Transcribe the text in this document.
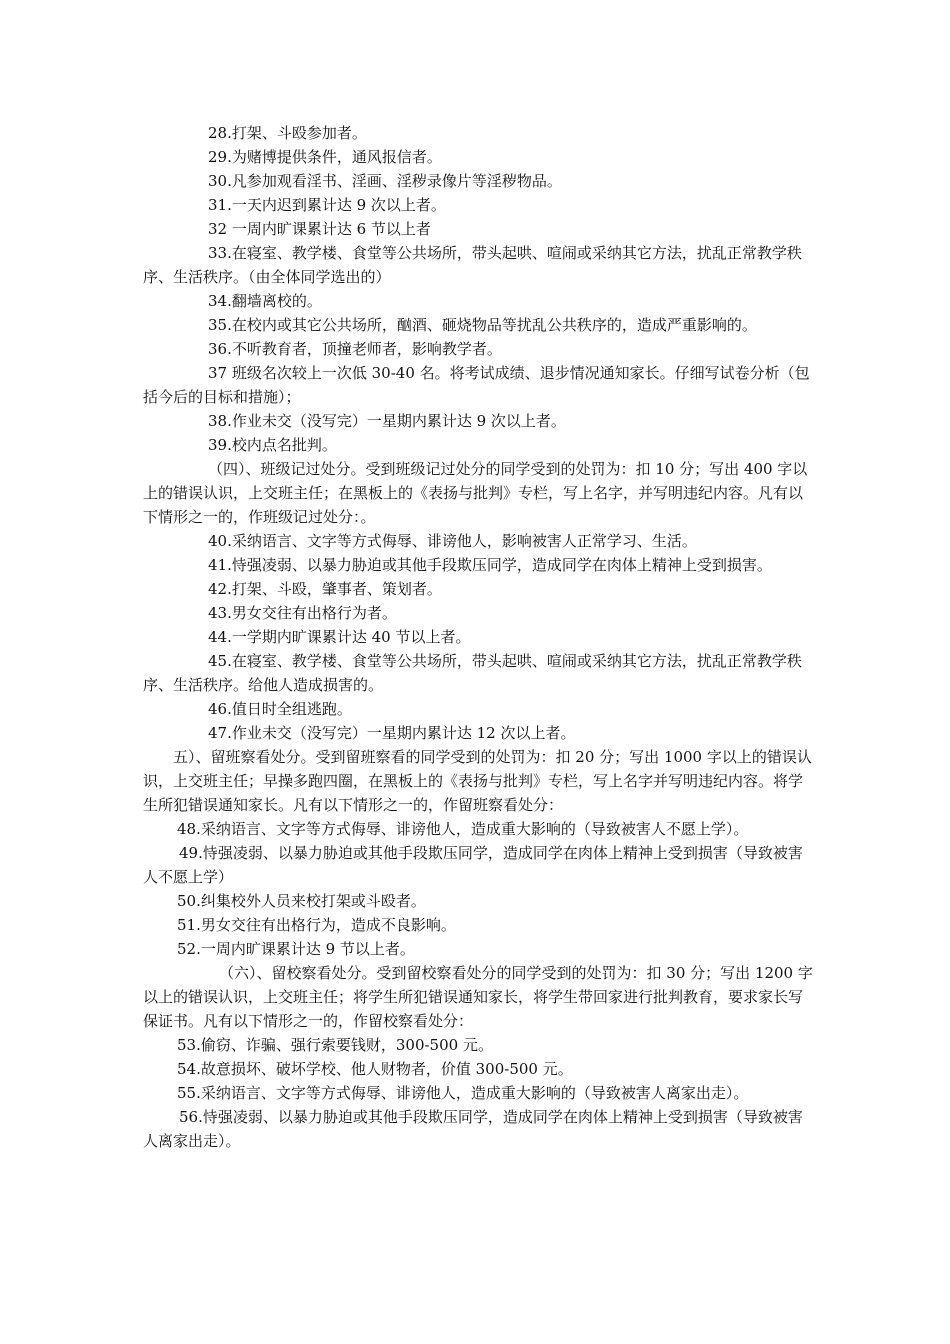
28.打架、斗殴参加者。

29.为赌博提供条件，通风报信者。

30.凡参加观看淫书、淫画、淫秽录像片等淫秽物品。

31.一天内迟到累计达 9 次以上者。

32 一周内旷课累计达 6 节以上者

33.在寝室、教学楼、食堂等公共场所，带头起哄、喧闹或采纳其它方法，扰乱正常教学秩序、生活秩序。（由全体同学选出的）

34.翻墙离校的。

35.在校内或其它公共场所，酗酒、砸烧物品等扰乱公共秩序的，造成严重影响的。

36.不听教育者，顶撞老师者，影响教学者。

37 班级名次较上一次低 30-40 名。将考试成绩、退步情况通知家长。仔细写试卷分析（包括今后的目标和措施）；

38.作业未交（没写完）一星期内累计达 9 次以上者。

39.校内点名批判。

（四）、班级记过处分。受到班级记过处分的同学受到的处罚为：扣 10 分；写出 400 字以上的错误认识，上交班主任；在黑板上的《表扬与批判》专栏，写上名字，并写明违纪内容。凡有以下情形之一的，作班级记过处分：。

40.采纳语言、文字等方式侮辱、诽谤他人，影响被害人正常学习、生活。

41.恃强凌弱、以暴力胁迫或其他手段欺压同学，造成同学在肉体上精神上受到损害。

42.打架、斗殴，肇事者、策划者。

43.男女交往有出格行为者。

44.一学期内旷课累计达 40 节以上者。

45.在寝室、教学楼、食堂等公共场所，带头起哄、喧闹或采纳其它方法，扰乱正常教学秩序、生活秩序。给他人造成损害的。

46.值日时全组逃跑。

47.作业未交（没写完）一星期内累计达 12 次以上者。

五）、留班察看处分。受到留班察看的同学受到的处罚为：扣 20 分；写出 1000 字以上的错误认识，上交班主任；早操多跑四圈，在黑板上的《表扬与批判》专栏，写上名字并写明违纪内容。将学生所犯错误通知家长。凡有以下情形之一的，作留班察看处分：

48.采纳语言、文字等方式侮辱、诽谤他人，造成重大影响的（导致被害人不愿上学）。

49.恃强凌弱、以暴力胁迫或其他手段欺压同学，造成同学在肉体上精神上受到损害（导致被害人不愿上学）

50.纠集校外人员来校打架或斗殴者。

51.男女交往有出格行为，造成不良影响。

52.一周内旷课累计达 9 节以上者。

（六）、留校察看处分。受到留校察看处分的同学受到的处罚为：扣 30 分；写出 1200 字以上的错误认识，上交班主任；将学生所犯错误通知家长，将学生带回家进行批判教育，要求家长写保证书。凡有以下情形之一的，作留校察看处分：

53.偷窃、诈骗、强行索要钱财，300-500 元。

54.故意损坏、破坏学校、他人财物者，价值 300-500 元。

55.采纳语言、文字等方式侮辱、诽谤他人，造成重大影响的（导致被害人离家出走）。

56.恃强凌弱、以暴力胁迫或其他手段欺压同学，造成同学在肉体上精神上受到损害（导致被害人离家出走）。
